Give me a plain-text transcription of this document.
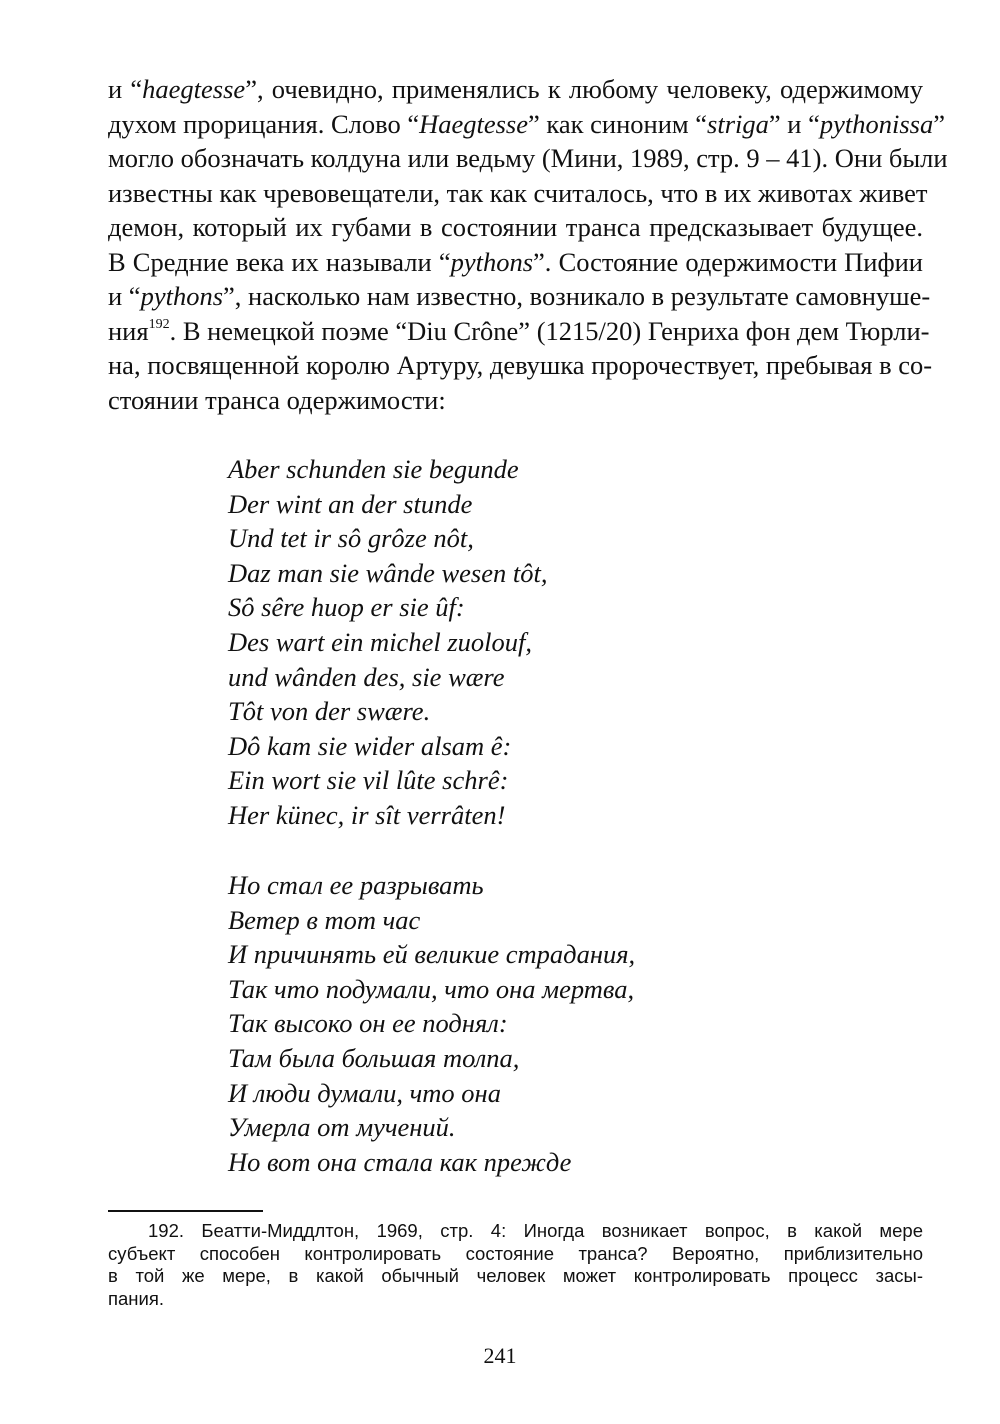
и “haegtesse”, очевидно, применялись к любому человеку, одержимому
духом прорицания. Слово “Haegtesse” как синоним “striga” и “pythonissa”
могло обозначать колдуна или ведьму (Мини, 1989, стр. 9 – 41). Они были
известны как чревовещатели, так как считалось, что в их животах живет
демон, который их губами в состоянии транса предсказывает будущее.
В Средние века их называли “pythons”. Состояние одержимости Пифии
и “pythons”, насколько нам известно, возникало в результате самовнуше-
ния$^{192}$. В немецкой поэме “Diu Crône” (1215/20) Генриха фон дем Тюрли-
на, посвященной королю Артуру, девушка пророчествует, пребывая в со-
стоянии транса одержимости:
Aber schunden sie begunde
Der wint an der stunde
Und tet ir sô grôze nôt,
Daz man sie wânde wesen tôt,
Sô sêre huop er sie ûf:
Des wart ein michel zuolouf,
und wânden des, sie wære
Tôt von der swære.
Dô kam sie wider alsam ê:
Ein wort sie vil lûte schrê:
Her künec, ir sît verrâten!
Но стал ее разрывать
Ветер в тот час
И причинять ей великие страдания,
Так что подумали, что она мертва,
Так высоко он ее поднял:
Там была большая толпа,
И люди думали, что она
Умерла от мучений.
Но вот она стала как прежде
192. Беатти-Миддлтон, 1969, стр. 4: Иногда возникает вопрос, в какой мере
субъект способен контролировать состояние транса? Вероятно, приблизительно
в той же мере, в какой обычный человек может контролировать процесс засы-
пания.
241
